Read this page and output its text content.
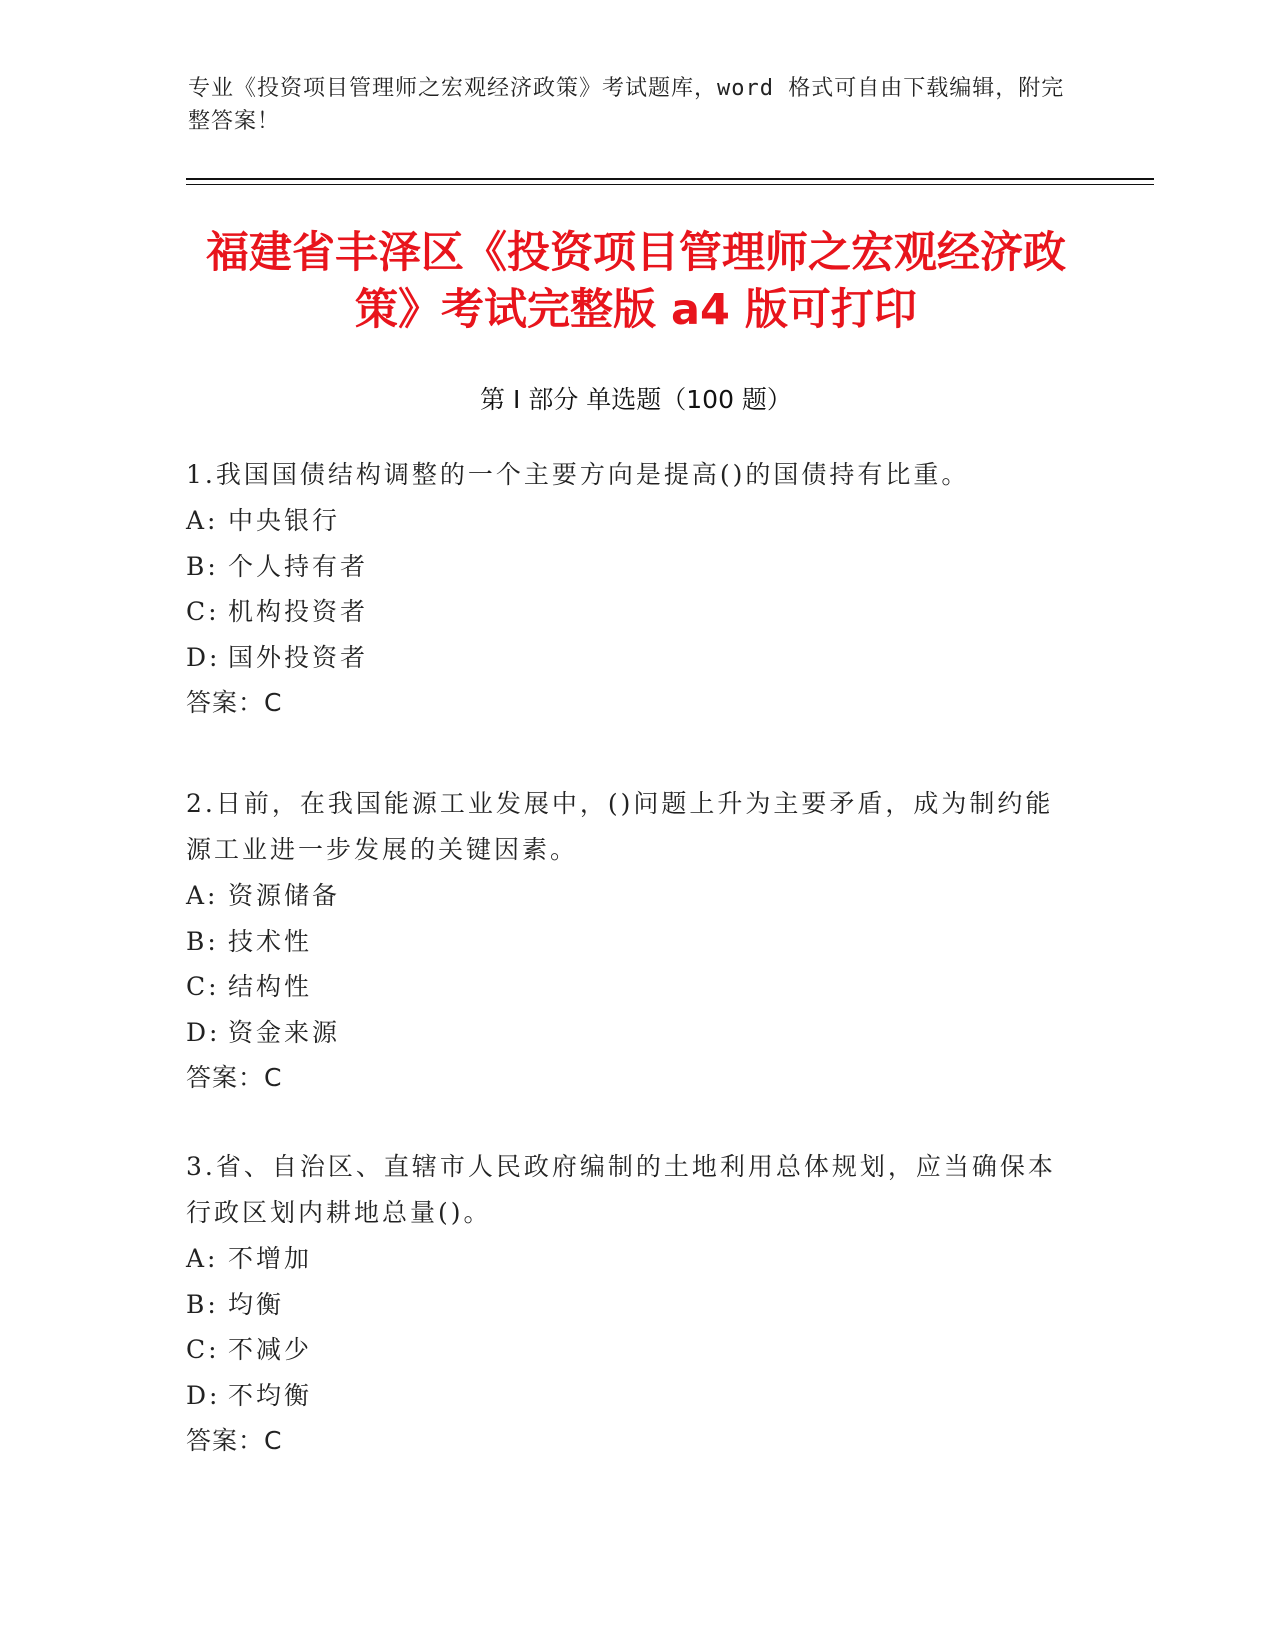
专业《投资项目管理师之宏观经济政策》考试题库，word 格式可自由下载编辑，附完整答案！
福建省丰泽区《投资项目管理师之宏观经济政策》考试完整版 a4 版可打印
第 I 部分 单选题（100 题）

1.我国国债结构调整的一个主要方向是提高()的国债持有比重。

A: 中央银行

B: 个人持有者

C: 机构投资者

D: 国外投资者

答案：C

2.日前，在我国能源工业发展中，()问题上升为主要矛盾，成为制约能源工业进一步发展的关键因素。

A: 资源储备

B: 技术性

C: 结构性

D: 资金来源

答案：C

3.省、自治区、直辖市人民政府编制的土地利用总体规划，应当确保本行政区划内耕地总量()。

A: 不增加

B: 均衡

C: 不减少

D: 不均衡

答案：C
